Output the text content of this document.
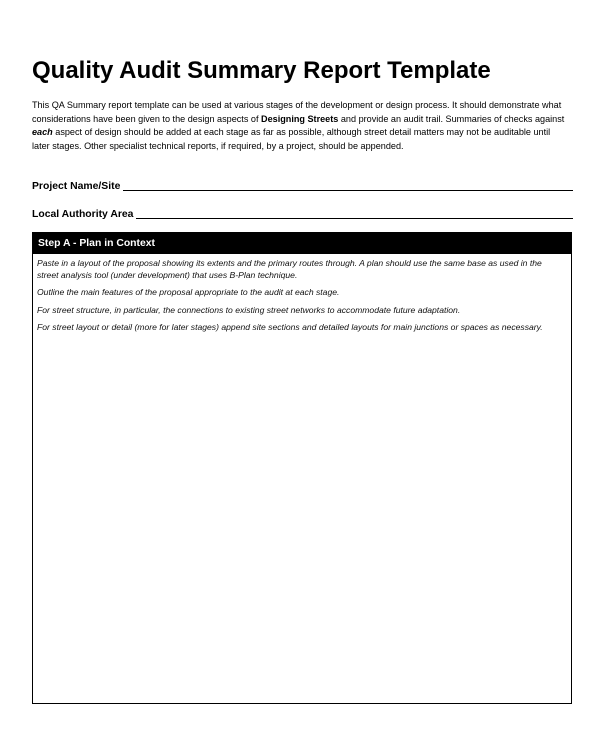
Quality Audit Summary Report Template
This QA Summary report template can be used at various stages of the development or design process. It should demonstrate what considerations have been given to the design aspects of Designing Streets and provide an audit trail. Summaries of checks against each aspect of design should be added at each stage as far as possible, although street detail matters may not be auditable until later stages. Other specialist technical reports, if required, by a project, should be appended.
Project Name/Site
Local Authority Area
Step A - Plan in Context

Paste in a layout of the proposal showing its extents and the primary routes through. A plan should use the same base as used in the street analysis tool (under development) that uses B-Plan technique.

Outline the main features of the proposal appropriate to the audit at each stage.

For street structure, in particular, the connections to existing street networks to accommodate future adaptation.

For street layout or detail (more for later stages) append site sections and detailed layouts for main junctions or spaces as necessary.
